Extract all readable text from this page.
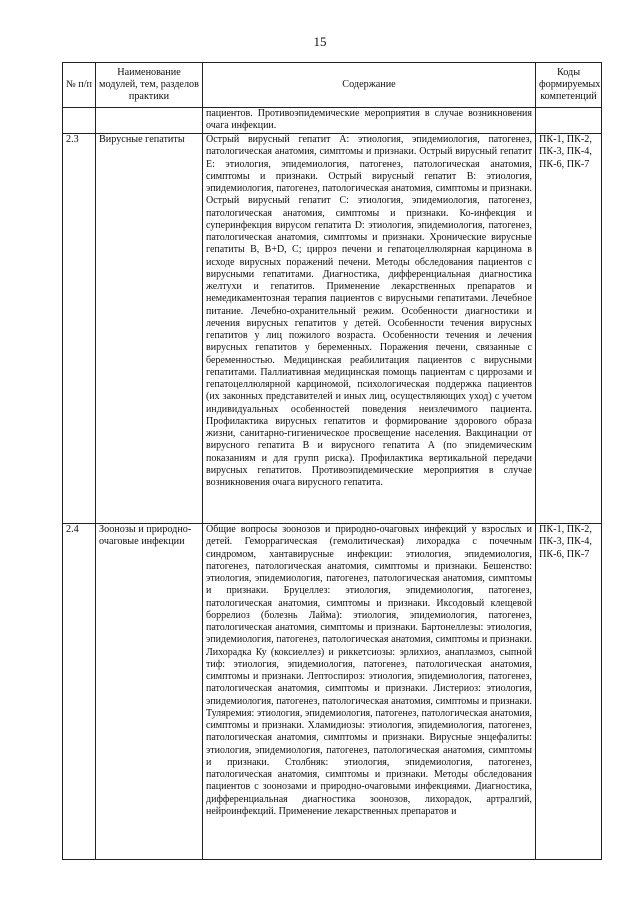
15
№ п/п	Наименование модулей, тем, разделов практики	Содержание	Коды формируемых компетенций
		пациентов. Противоэпидемические мероприятия в случае возникновения очага инфекции.	
2.3	Вирусные гепатиты	Острый вирусный гепатит А: этиология, эпидемиология, патогенез, патологическая анатомия, симптомы и признаки. Острый вирусный гепатит Е: этиология, эпидемиология, патогенез, патологическая анатомия, симптомы и признаки. Острый вирусный гепатит В: этиология, эпидемиология, патогенез, патологическая анатомия, симптомы и признаки. Острый вирусный гепатит С: этиология, эпидемиология, патогенез, патологическая анатомия, симптомы и признаки. Ко-инфекция и суперинфекция вирусом гепатита D: этиология, эпидемиология, патогенез, патологическая анатомия, симптомы и признаки. Хронические вирусные гепатиты В, В+D, С; цирроз печени и гепатоцеллюлярная карцинома в исходе вирусных поражений печени. Методы обследования пациентов с вирусными гепатитами. Диагностика, дифференциальная диагностика желтухи и гепатитов. Применение лекарственных препаратов и немедикаментозная терапия пациентов с вирусными гепатитами. Лечебное питание. Лечебно-охранительный режим. Особенности диагностики и лечения вирусных гепатитов у детей. Особенности течения вирусных гепатитов у лиц пожилого возраста. Особенности течения и лечения вирусных гепатитов у беременных. Поражения печени, связанные с беременностью. Медицинская реабилитация пациентов с вирусными гепатитами. Паллиативная медицинская помощь пациентам с циррозами и гепатоцеллюлярной карциномой, психологическая поддержка пациентов (их законных представителей и иных лиц, осуществляющих уход) с учетом индивидуальных особенностей поведения неизлечимого пациента. Профилактика вирусных гепатитов и формирование здорового образа жизни, санитарно-гигиеническое просвещение населения. Вакцинации от вирусного гепатита В и вирусного гепатита А (по эпидемическим показаниям и для групп риска). Профилактика вертикальной передачи вирусных гепатитов. Противоэпидемические мероприятия в случае возникновения очага вирусного гепатита.	ПК-1, ПК-2, ПК-3, ПК-4, ПК-6, ПК-7
2.4	Зоонозы и природно-очаговые инфекции	Общие вопросы зоонозов и природно-очаговых инфекций у взрослых и детей. Геморрагическая (гемолитическая) лихорадка с почечным синдромом, хантавирусные инфекции: этиология, эпидемиология, патогенез, патологическая анатомия, симптомы и признаки. Бешенство: этиология, эпидемиология, патогенез, патологическая анатомия, симптомы и признаки. Бруцеллез: этиология, эпидемиология, патогенез, патологическая анатомия, симптомы и признаки. Иксодовый клещевой боррелиоз (болезнь Лайма): этиология, эпидемиология, патогенез, патологическая анатомия, симптомы и признаки. Бартонеллезы: этиология, эпидемиология, патогенез, патологическая анатомия, симптомы и признаки. Лихорадка Ку (коксиеллез) и риккетсиозы: эрлихиоз, анаплазмоз, сыпной тиф: этиология, эпидемиология, патогенез, патологическая анатомия, симптомы и признаки. Лептоспироз: этиология, эпидемиология, патогенез, патологическая анатомия, симптомы и признаки. Листериоз: этиология, эпидемиология, патогенез, патологическая анатомия, симптомы и признаки. Туляремия: этиология, эпидемиология, патогенез, патологическая анатомия, симптомы и признаки. Хламидиозы: этиология, эпидемиология, патогенез, патологическая анатомия, симптомы и признаки. Вирусные энцефалиты: этиология, эпидемиология, патогенез, патологическая анатомия, симптомы и признаки. Столбняк: этиология, эпидемиология, патогенез, патологическая анатомия, симптомы и признаки. Методы обследования пациентов с зоонозами и природно-очаговыми инфекциями. Диагностика, дифференциальная диагностика зоонозов, лихорадок, артралгий, нейроинфекций. Применение лекарственных препаратов и	ПК-1, ПК-2, ПК-3, ПК-4, ПК-6, ПК-7
